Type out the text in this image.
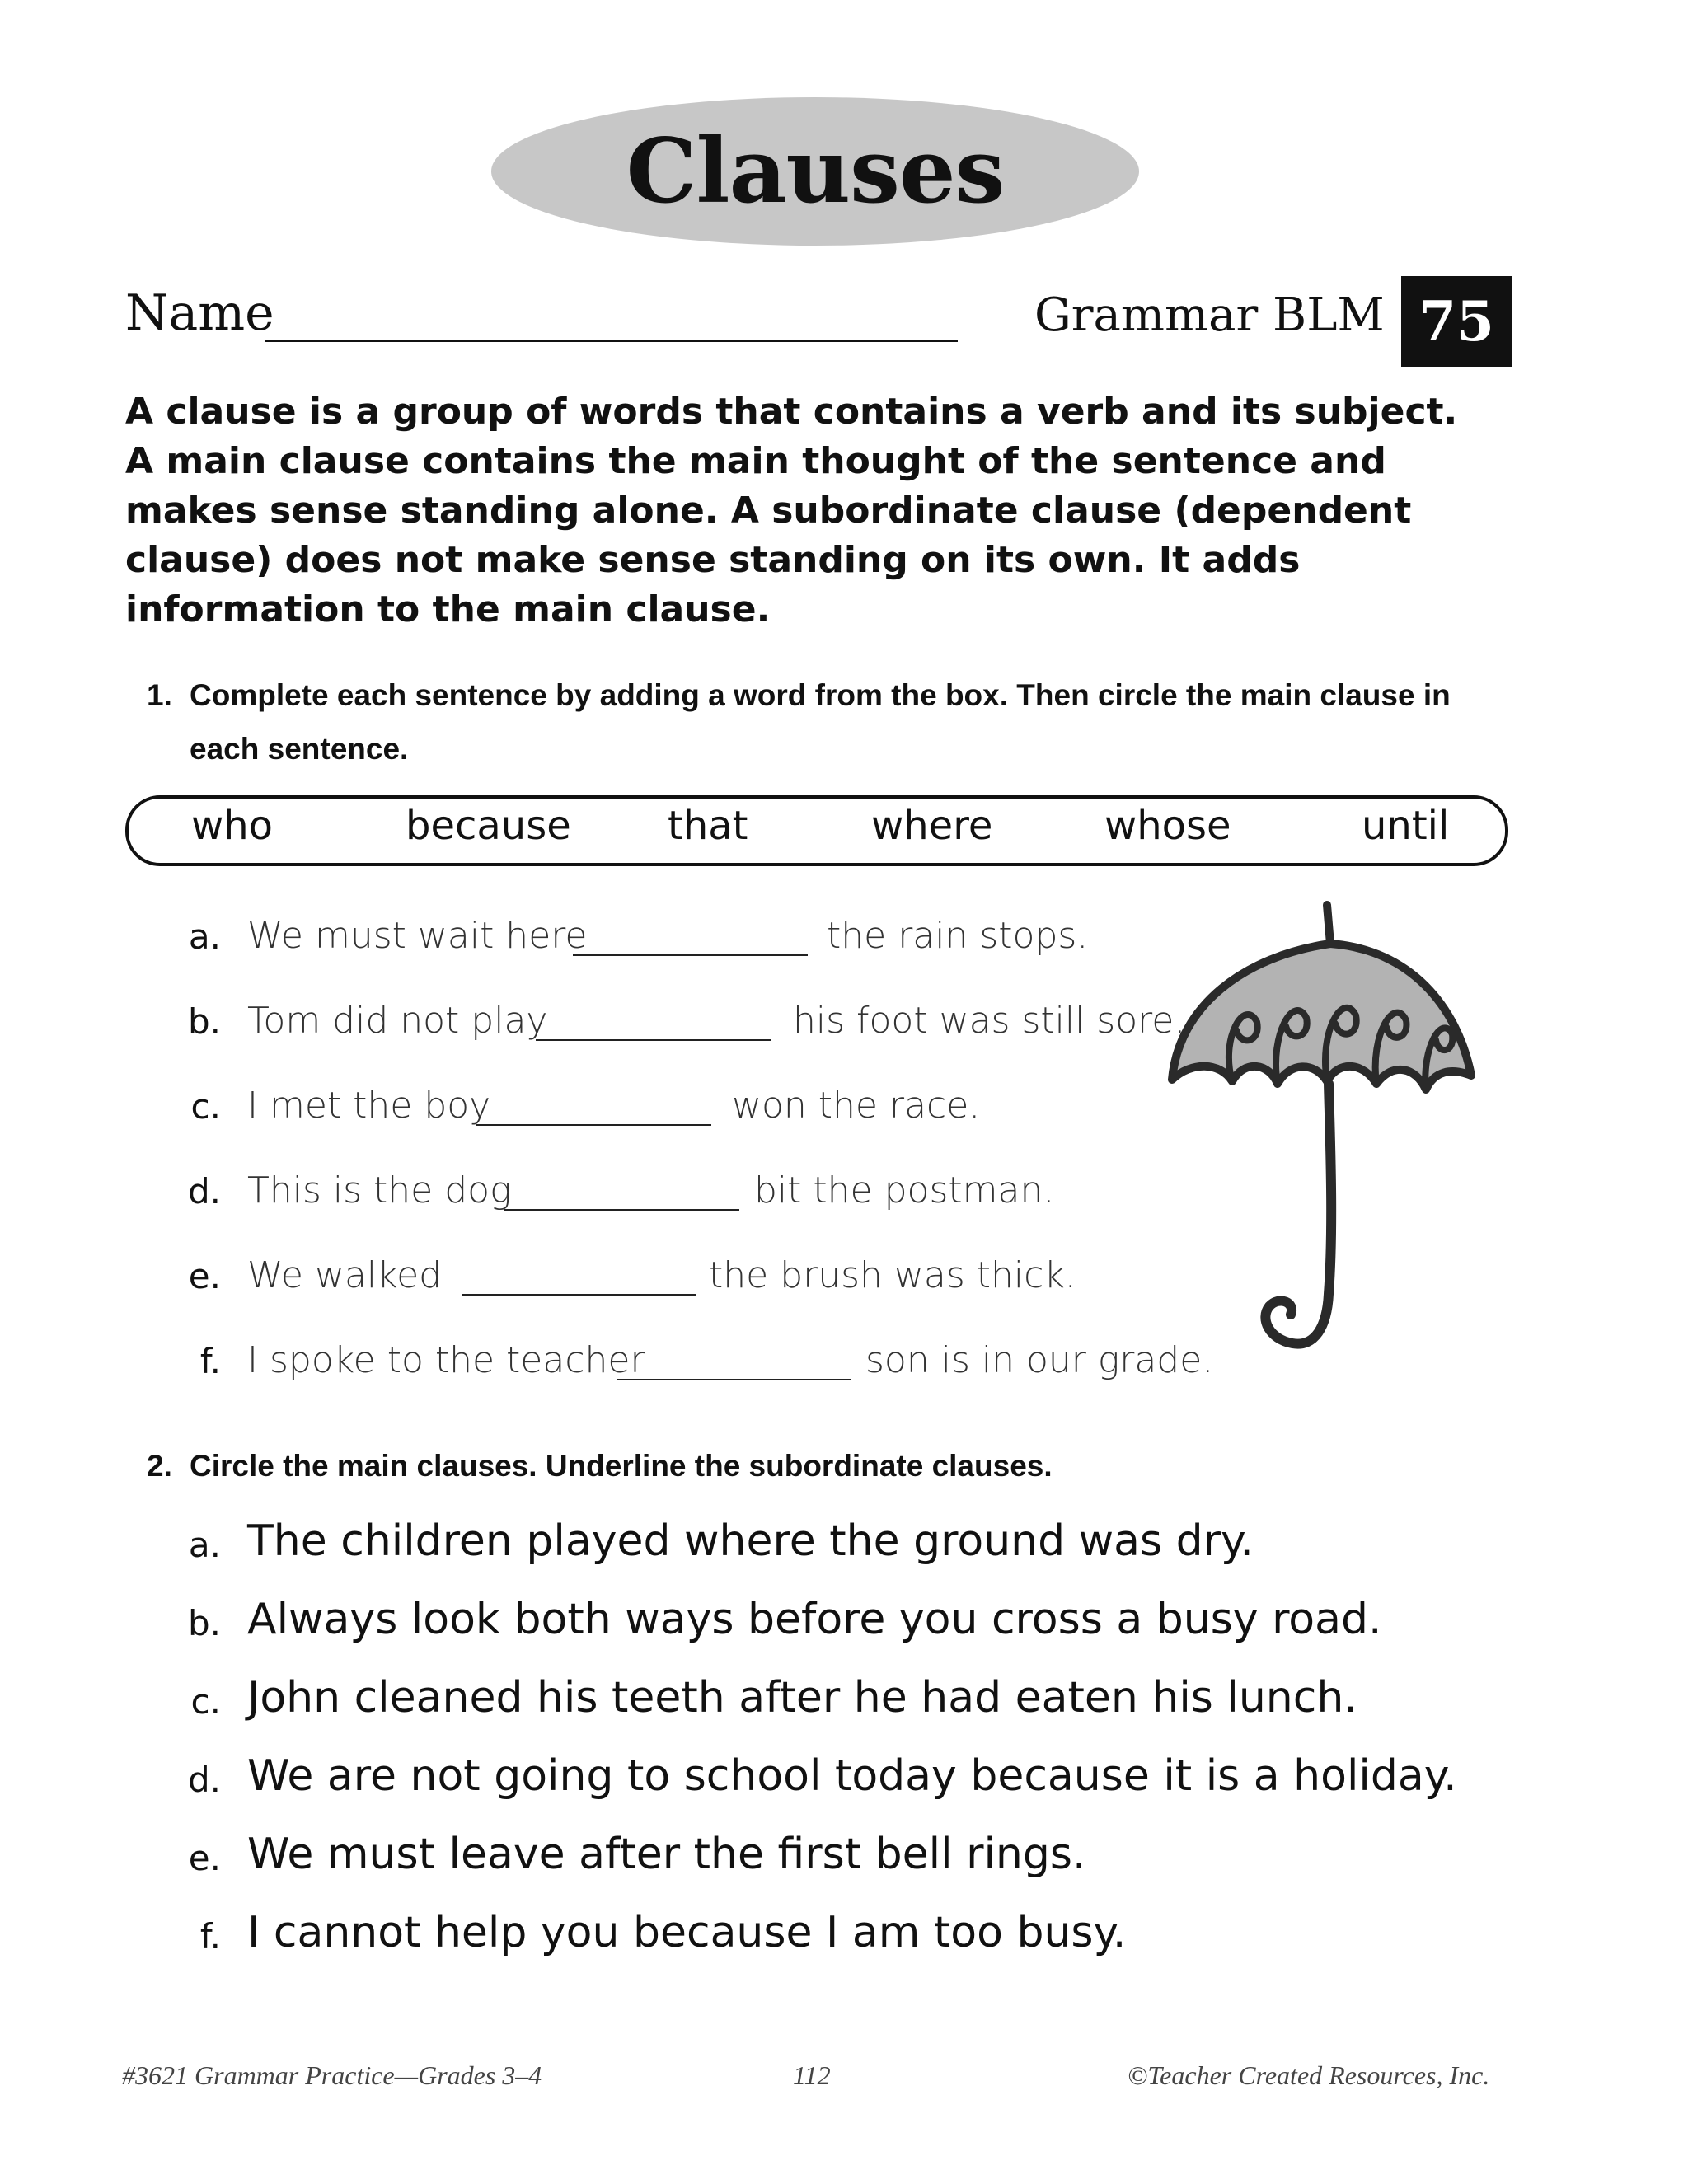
Clauses
Name	Grammar BLM 75
A clause is a group of words that contains a verb and its subject.
A main clause contains the main thought of the sentence and
makes sense standing alone. A subordinate clause (dependent
clause) does not make sense standing on its own. It adds
information to the main clause.
1. Complete each sentence by adding a word from the box. Then circle the main clause in
each sentence.
who	because that	where	whose	until
a. We must wait here	the rain stops.
b. Tom did not play	his foot was still sore.
c. I met the boy	won the race.
d. This is the dog	bit the postman.
e. We walked	the brush was thick.
f. I spoke to the teacher	son is in our grade.
2. Circle the main clauses. Underline the subordinate clauses.
a. The children played where the ground was dry.
b. Always look both ways before you cross a busy road.
c. John cleaned his teeth after he had eaten his lunch.
d. We are not going to school today because it is a holiday.
e. We must leave after the first bell rings.
f. I cannot help you because I am too busy.
#3621 Grammar Practice—Grades 3–4	112	©Teacher Created Resources, Inc.
